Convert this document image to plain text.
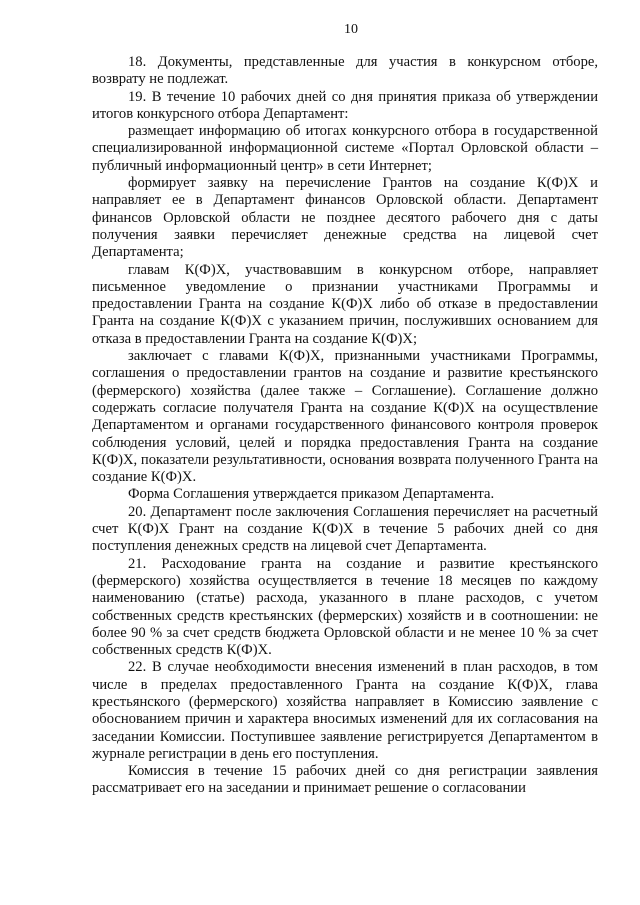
10

18. Документы, представленные для участия в конкурсном отборе, возврату не подлежат.

19. В течение 10 рабочих дней со дня принятия приказа об утверждении итогов конкурсного отбора Департамент:

размещает информацию об итогах конкурсного отбора в государственной специализированной информационной системе «Портал Орловской области – публичный информационный центр» в сети Интернет;

формирует заявку на перечисление Грантов на создание К(Ф)Х и направляет ее в Департамент финансов Орловской области. Департамент финансов Орловской области не позднее десятого рабочего дня с даты получения заявки перечисляет денежные средства на лицевой счет Департамента;

главам К(Ф)Х, участвовавшим в конкурсном отборе, направляет письменное уведомление о признании участниками Программы и предоставлении Гранта на создание К(Ф)Х либо об отказе в предоставлении Гранта на создание К(Ф)Х с указанием причин, послуживших основанием для отказа в предоставлении Гранта на создание К(Ф)Х;

заключает с главами К(Ф)Х, признанными участниками Программы, соглашения о предоставлении грантов на создание и развитие крестьянского (фермерского) хозяйства (далее также – Соглашение). Соглашение должно содержать согласие получателя Гранта на создание К(Ф)Х на осуществление Департаментом и органами государственного финансового контроля проверок соблюдения условий, целей и порядка предоставления Гранта на создание К(Ф)Х, показатели результативности, основания возврата полученного Гранта на создание К(Ф)Х.

Форма Соглашения утверждается приказом Департамента.

20. Департамент после заключения Соглашения перечисляет на расчетный счет К(Ф)Х Грант на создание К(Ф)Х в течение 5 рабочих дней со дня поступления денежных средств на лицевой счет Департамента.

21. Расходование гранта на создание и развитие крестьянского (фермерского) хозяйства осуществляется в течение 18 месяцев по каждому наименованию (статье) расхода, указанного в плане расходов, с учетом собственных средств крестьянских (фермерских) хозяйств и в соотношении: не более 90 % за счет средств бюджета Орловской области и не менее 10 % за счет собственных средств К(Ф)Х.

22. В случае необходимости внесения изменений в план расходов, в том числе в пределах предоставленного Гранта на создание К(Ф)Х, глава крестьянского (фермерского) хозяйства направляет в Комиссию заявление с обоснованием причин и характера вносимых изменений для их согласования на заседании Комиссии. Поступившее заявление регистрируется Департаментом в журнале регистрации в день его поступления.

Комиссия в течение 15 рабочих дней со дня регистрации заявления рассматривает его на заседании и принимает решение о согласовании
